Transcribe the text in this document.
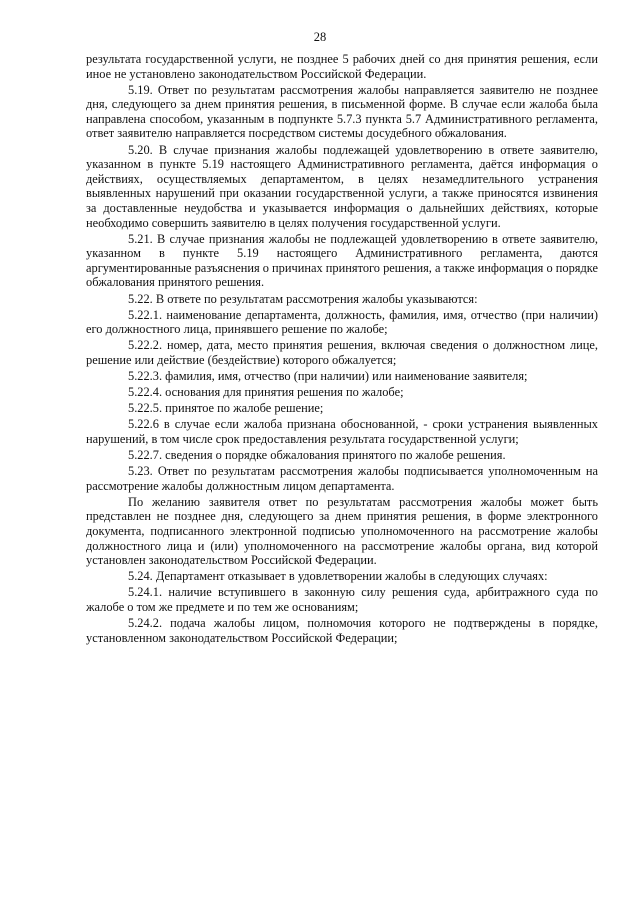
28

результата государственной услуги, не позднее 5 рабочих дней со дня принятия решения, если иное не установлено законодательством Российской Федерации.

5.19. Ответ по результатам рассмотрения жалобы направляется заявителю не позднее дня, следующего за днем принятия решения, в письменной форме. В случае если жалоба была направлена способом, указанным в подпункте 5.7.3 пункта 5.7 Административного регламента, ответ заявителю направляется посредством системы досудебного обжалования.

5.20. В случае признания жалобы подлежащей удовлетворению в ответе заявителю, указанном в пункте 5.19 настоящего Административного регламента, даётся информация о действиях, осуществляемых департаментом, в целях незамедлительного устранения выявленных нарушений при оказании государственной услуги, а также приносятся извинения за доставленные неудобства и указывается информация о дальнейших действиях, которые необходимо совершить заявителю в целях получения государственной услуги.

5.21. В случае признания жалобы не подлежащей удовлетворению в ответе заявителю, указанном в пункте 5.19 настоящего Административного регламента, даются аргументированные разъяснения о причинах принятого решения, а также информация о порядке обжалования принятого решения.

5.22. В ответе по результатам рассмотрения жалобы указываются:

5.22.1. наименование департамента, должность, фамилия, имя, отчество (при наличии) его должностного лица, принявшего решение по жалобе;

5.22.2. номер, дата, место принятия решения, включая сведения о должностном лице, решение или действие (бездействие) которого обжалуется;

5.22.3. фамилия, имя, отчество (при наличии) или наименование заявителя;

5.22.4. основания для принятия решения по жалобе;

5.22.5. принятое по жалобе решение;

5.22.6 в случае если жалоба признана обоснованной, - сроки устранения выявленных нарушений, в том числе срок предоставления результата государственной услуги;

5.22.7. сведения о порядке обжалования принятого по жалобе решения.

5.23. Ответ по результатам рассмотрения жалобы подписывается уполномоченным на рассмотрение жалобы должностным лицом департамента.

По желанию заявителя ответ по результатам рассмотрения жалобы может быть представлен не позднее дня, следующего за днем принятия решения, в форме электронного документа, подписанного электронной подписью уполномоченного на рассмотрение жалобы должностного лица и (или) уполномоченного на рассмотрение жалобы органа, вид которой установлен законодательством Российской Федерации.

5.24. Департамент отказывает в удовлетворении жалобы в следующих случаях:

5.24.1. наличие вступившего в законную силу решения суда, арбитражного суда по жалобе о том же предмете и по тем же основаниям;

5.24.2. подача жалобы лицом, полномочия которого не подтверждены в порядке, установленном законодательством Российской Федерации;
